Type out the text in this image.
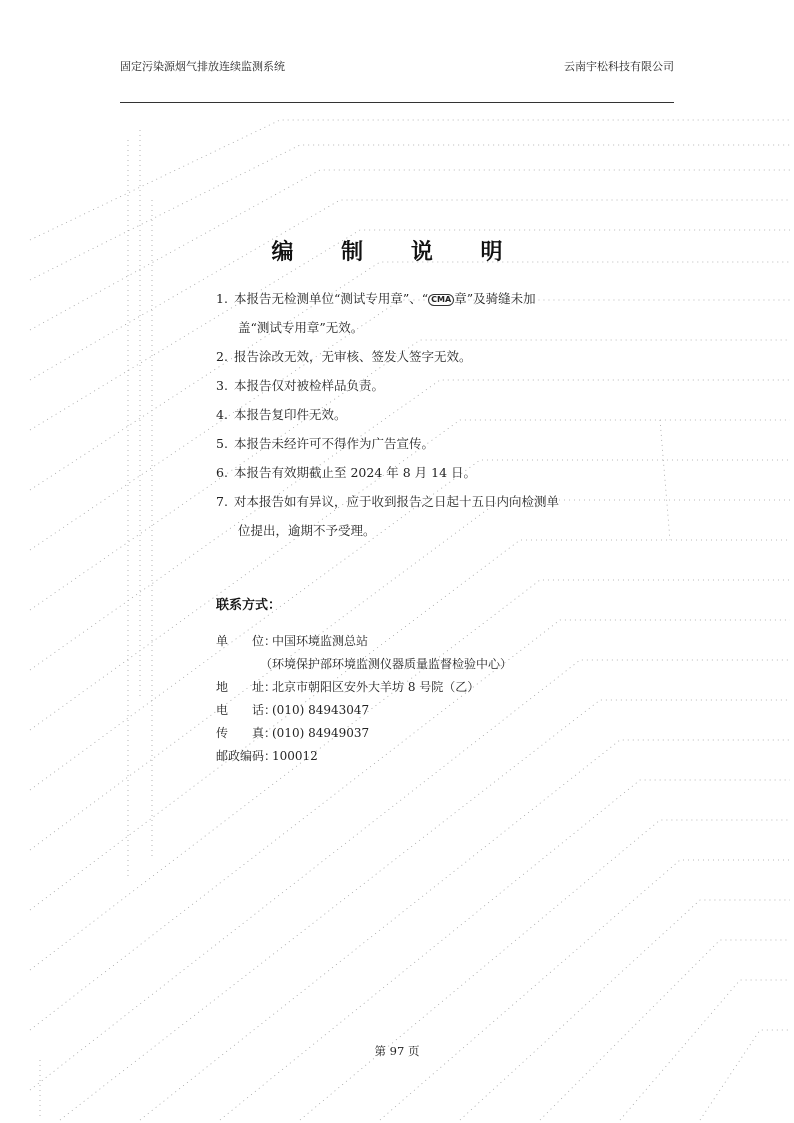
固定污染源烟气排放连续监测系统	云南宇松科技有限公司
编 制 说 明

1. 本报告无检测单位“测试专用章”、“ CMA 章”及骑缝未加

盖“测试专用章”无效。

2. 报告涂改无效，无审核、签发人签字无效。

3. 本报告仅对被检样品负责。

4. 本报告复印件无效。

5. 本报告未经许可不得作为广告宣传。

6. 本报告有效期截止至 2024 年 8 月 14 日。

7. 对本报告如有异议，应于收到报告之日起十五日内向检测单

位提出，逾期不予受理。

联系方式：
单　　位：中国环境监测总站
（环境保护部环境监测仪器质量监督检验中心）
地　　址：北京市朝阳区安外大羊坊 8 号院（乙）
电　　话：(010) 84943047
传　　真：(010) 84949037
邮政编码：100012
第 97 页
